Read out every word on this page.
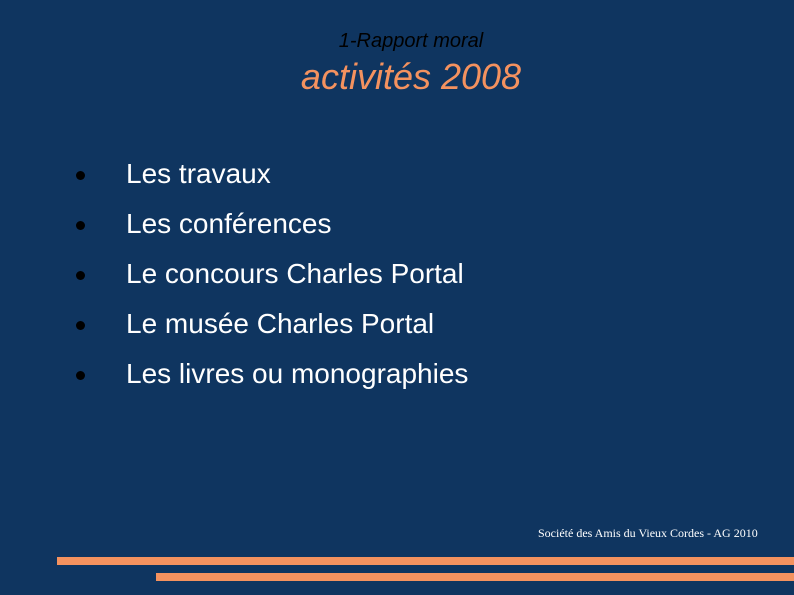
1-Rapport moral
activités 2008
Les travaux
Les conférences
Le concours Charles Portal
Le musée Charles Portal
Les livres ou monographies
Société des Amis du Vieux Cordes - AG 2010
